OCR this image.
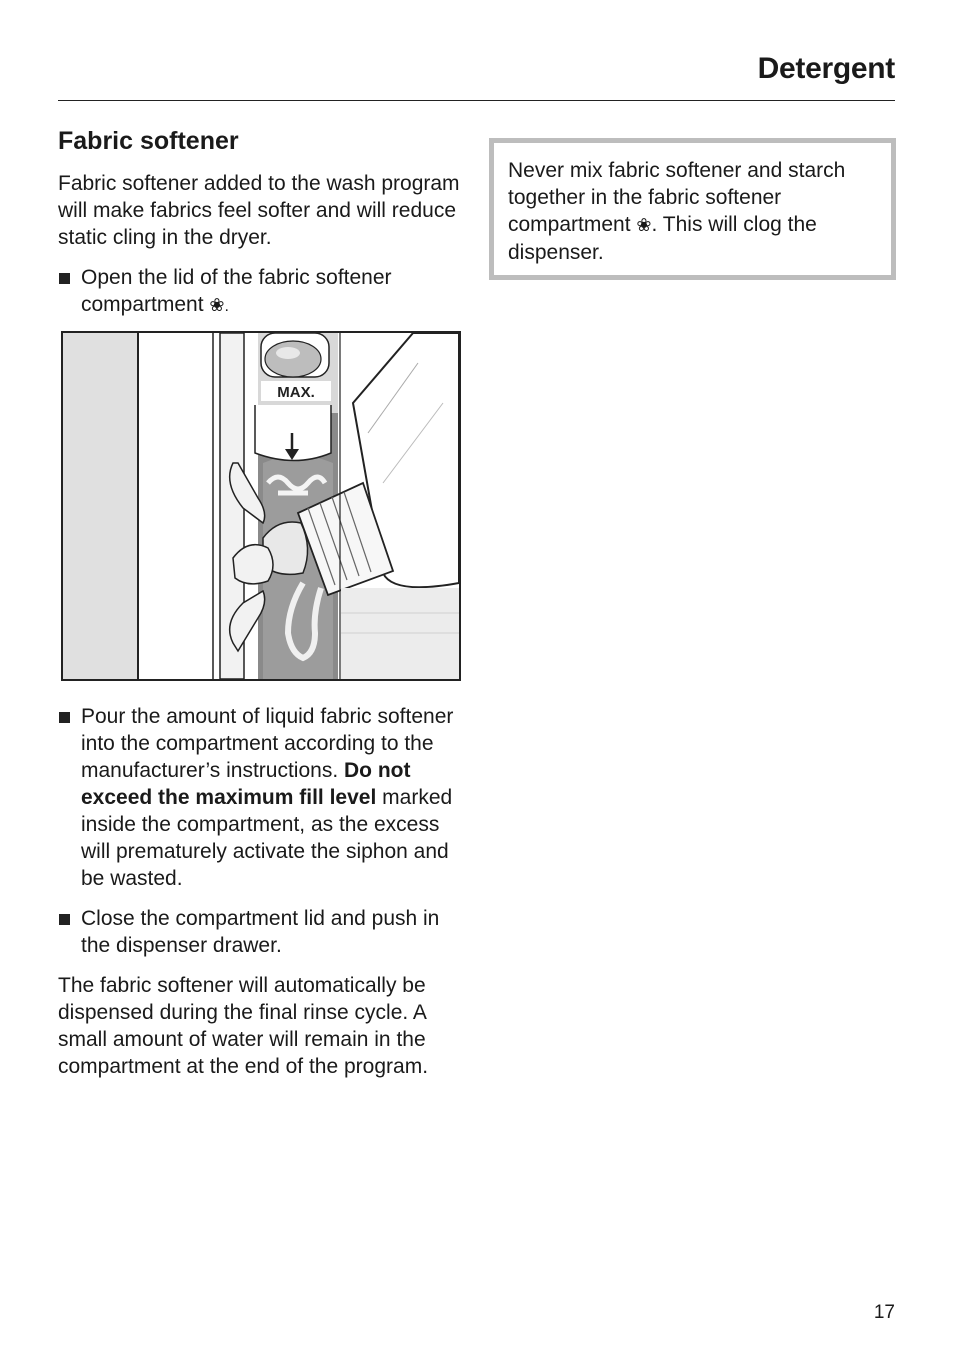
Detergent
Fabric softener

Fabric softener added to the wash program will make fabrics feel softer and will reduce static cling in the dryer.

Open the lid of the fabric softener compartment ❀.
MAX.
Pour the amount of liquid fabric softener into the compartment according to the manufacturer’s instructions. Do not exceed the maximum fill level marked inside the compartment, as the excess will prematurely activate the siphon and be wasted.
Close the compartment lid and push in the dispenser drawer.

The fabric softener will automatically be dispensed during the final rinse cycle. A small amount of water will remain in the compartment at the end of the program.

Never mix fabric softener and starch together in the fabric softener compartment ❀. This will clog the dispenser.

17
